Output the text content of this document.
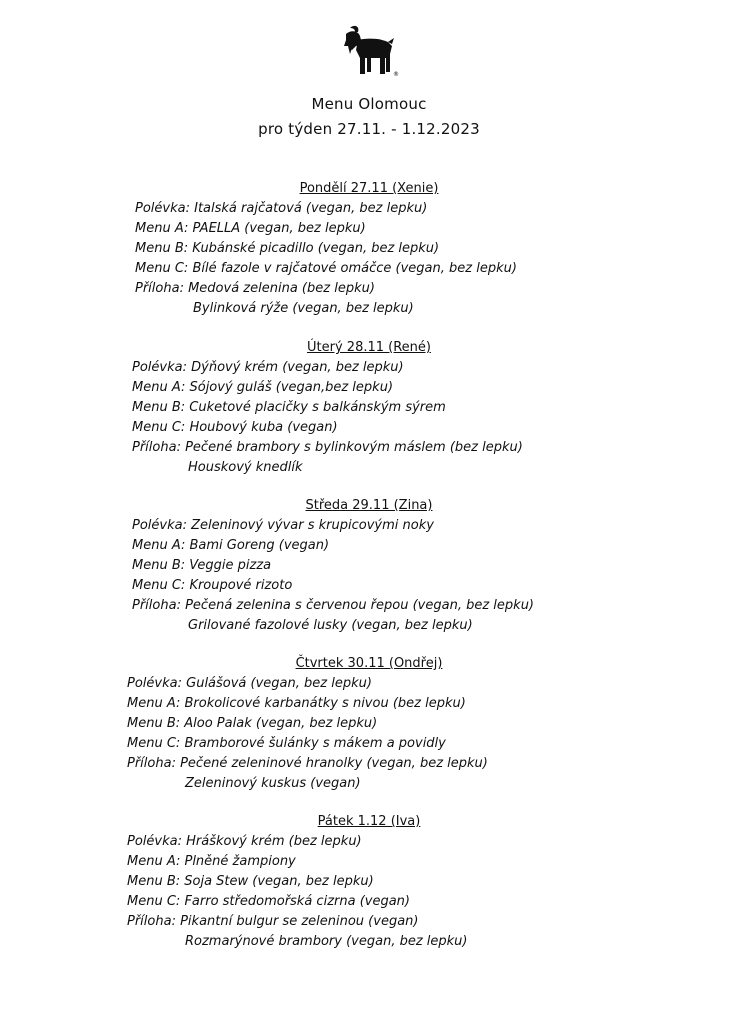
®
Menu Olomouc
pro týden 27.11. - 1.12.2023
Pondělí 27.11 (Xenie)
Polévka: Italská rajčatová (vegan, bez lepku)
Menu A: PAELLA (vegan, bez lepku)
Menu B: Kubánské picadillo (vegan, bez lepku)
Menu C: Bílé fazole v rajčatové omáčce (vegan, bez lepku)
Příloha: Medová zelenina (bez lepku)
Bylinková rýže (vegan, bez lepku)
Úterý 28.11 (René)
Polévka: Dýňový krém (vegan, bez lepku)
Menu A: Sójový guláš (vegan,bez lepku)
Menu B: Cuketové placičky s balkánským sýrem
Menu C: Houbový kuba (vegan)
Příloha: Pečené brambory s bylinkovým máslem (bez lepku)
Houskový knedlík
Středa 29.11 (Zina)
Polévka: Zeleninový vývar s krupicovými noky
Menu A: Bami Goreng (vegan)
Menu B: Veggie pizza
Menu C: Kroupové rizoto
Příloha: Pečená zelenina s červenou řepou (vegan, bez lepku)
Grilované fazolové lusky (vegan, bez lepku)
Čtvrtek 30.11 (Ondřej)
Polévka: Gulášová (vegan, bez lepku)
Menu A: Brokolicové karbanátky s nivou (bez lepku)
Menu B: Aloo Palak (vegan, bez lepku)
Menu C: Bramborové šulánky s mákem a povidly
Příloha: Pečené zeleninové hranolky (vegan, bez lepku)
Zeleninový kuskus (vegan)
Pátek 1.12 (Iva)
Polévka: Hráškový krém (bez lepku)
Menu A: Plněné žampiony
Menu B: Soja Stew (vegan, bez lepku)
Menu C: Farro středomořská cizrna (vegan)
Příloha: Pikantní bulgur se zeleninou (vegan)
Rozmarýnové brambory (vegan, bez lepku)
